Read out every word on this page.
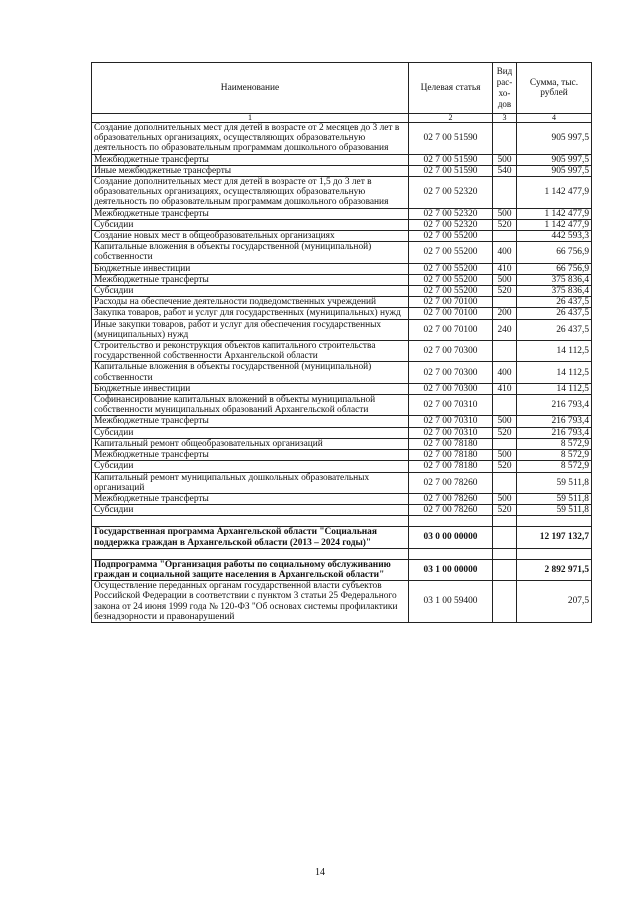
Наименование	Целевая статья	Вид рас- хо- дов	Сумма, тыс. рублей
1	2	3	4
Создание дополнительных мест для детей в возрасте от 2 месяцев до 3 лет в образовательных организациях, осуществляющих образовательную деятельность по образовательным программам дошкольного образования	02 7 00 51590		905 997,5
Межбюджетные трансферты	02 7 00 51590	500	905 997,5
Иные межбюджетные трансферты	02 7 00 51590	540	905 997,5
Создание дополнительных мест для детей в возрасте от 1,5 до 3 лет в образовательных организациях, осуществляющих образовательную деятельность по образовательным программам дошкольного образования	02 7 00 52320		1 142 477,9
Межбюджетные трансферты	02 7 00 52320	500	1 142 477,9
Субсидии	02 7 00 52320	520	1 142 477,9
Создание новых мест в общеобразовательных организациях	02 7 00 55200		442 593,3
Капитальные вложения в объекты государственной (муниципальной) собственности	02 7 00 55200	400	66 756,9
Бюджетные инвестиции	02 7 00 55200	410	66 756,9
Межбюджетные трансферты	02 7 00 55200	500	375 836,4
Субсидии	02 7 00 55200	520	375 836,4
Расходы на обеспечение деятельности подведомственных учреждений	02 7 00 70100		26 437,5
Закупка товаров, работ и услуг для государственных (муниципальных) нужд	02 7 00 70100	200	26 437,5
Иные закупки товаров, работ и услуг для обеспечения государственных (муниципальных) нужд	02 7 00 70100	240	26 437,5
Строительство и реконструкция объектов капитального строительства государственной собственности Архангельской области	02 7 00 70300		14 112,5
Капитальные вложения в объекты государственной (муниципальной) собственности	02 7 00 70300	400	14 112,5
Бюджетные инвестиции	02 7 00 70300	410	14 112,5
Софинансирование капитальных вложений в объекты муниципальной собственности муниципальных образований Архангельской области	02 7 00 70310		216 793,4
Межбюджетные трансферты	02 7 00 70310	500	216 793,4
Субсидии	02 7 00 70310	520	216 793,4
Капитальный ремонт общеобразовательных организаций	02 7 00 78180		8 572,9
Межбюджетные трансферты	02 7 00 78180	500	8 572,9
Субсидии	02 7 00 78180	520	8 572,9
Капитальный ремонт муниципальных дошкольных образовательных организаций	02 7 00 78260		59 511,8
Межбюджетные трансферты	02 7 00 78260	500	59 511,8
Субсидии	02 7 00 78260	520	59 511,8

Государственная программа Архангельской области "Социальная поддержка граждан в Архангельской области (2013 – 2024 годы)"	03 0 00 00000		12 197 132,7

Подпрограмма "Организация работы по социальному обслуживанию граждан и социальной защите населения в Архангельской области"	03 1 00 00000		2 892 971,5
Осуществление переданных органам государственной власти субъектов Российской Федерации в соответствии с пунктом 3 статьи 25 Федерального закона от 24 июня 1999 года № 120-ФЗ "Об основах системы профилактики безнадзорности и правонарушений	03 1 00 59400		207,5
14
